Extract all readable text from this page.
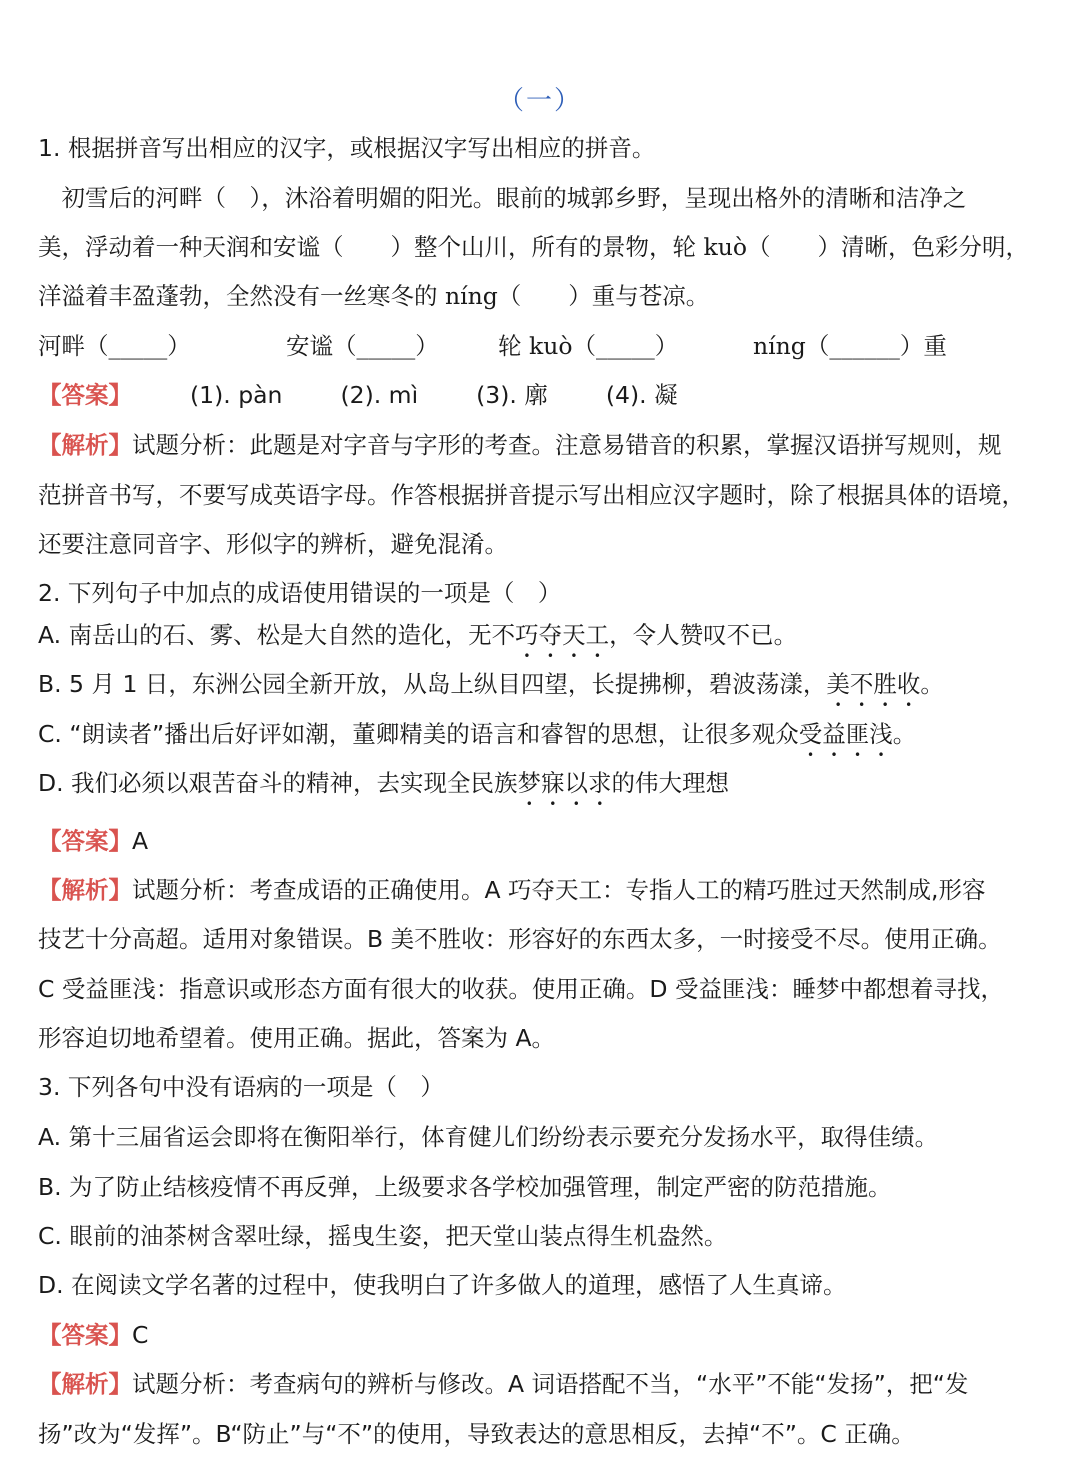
（一）
1. 根据拼音写出相应的汉字，或根据汉字写出相应的拼音。
　初雪后的河畔（　），沐浴着明媚的阳光。眼前的城郭乡野，呈现出格外的清晰和洁净之
美，浮动着一种天润和安谧（　　）整个山川，所有的景物，轮 kuò（　　）清晰，色彩分明，
洋溢着丰盈蓬勃，全然没有一丝寒冬的 níng（　　）重与苍凉。
河畔（_____）	安谧（_____）	轮 kuò（_____）	níng（______）重
【答案】 (1). pàn (2). mì (3). 廓 (4). 凝
【解析】试题分析：此题是对字音与字形的考查。注意易错音的积累，掌握汉语拼写规则，规
范拼音书写，不要写成英语字母。作答根据拼音提示写出相应汉字题时，除了根据具体的语境，
还要注意同音字、形似字的辨析，避免混淆。
2. 下列句子中加点的成语使用错误的一项是（　）
A. 南岳山的石、雾、松是大自然的造化，无不巧夺天工，令人赞叹不已。
B. 5 月 1 日，东洲公园全新开放，从岛上纵目四望，长提拂柳，碧波荡漾，美不胜收。
C. “朗读者”播出后好评如潮，董卿精美的语言和睿智的思想，让很多观众受益匪浅。
D. 我们必须以艰苦奋斗的精神，去实现全民族梦寐以求的伟大理想
【答案】A
【解析】试题分析：考查成语的正确使用。A 巧夺天工：专指人工的精巧胜过天然制成,形容
技艺十分高超。适用对象错误。B 美不胜收：形容好的东西太多，一时接受不尽。使用正确。
C 受益匪浅：指意识或形态方面有很大的收获。使用正确。D 受益匪浅：睡梦中都想着寻找，
形容迫切地希望着。使用正确。据此，答案为 A。
3. 下列各句中没有语病的一项是（　）
A. 第十三届省运会即将在衡阳举行，体育健儿们纷纷表示要充分发扬水平，取得佳绩。
B. 为了防止结核疫情不再反弹，上级要求各学校加强管理，制定严密的防范措施。
C. 眼前的油茶树含翠吐绿，摇曳生姿，把天堂山装点得生机盎然。
D. 在阅读文学名著的过程中，使我明白了许多做人的道理，感悟了人生真谛。
【答案】C
【解析】试题分析：考查病句的辨析与修改。A 词语搭配不当，“水平”不能“发扬”，把“发
扬”改为“发挥”。B“防止”与“不”的使用，导致表达的意思相反，去掉“不”。C 正确。
